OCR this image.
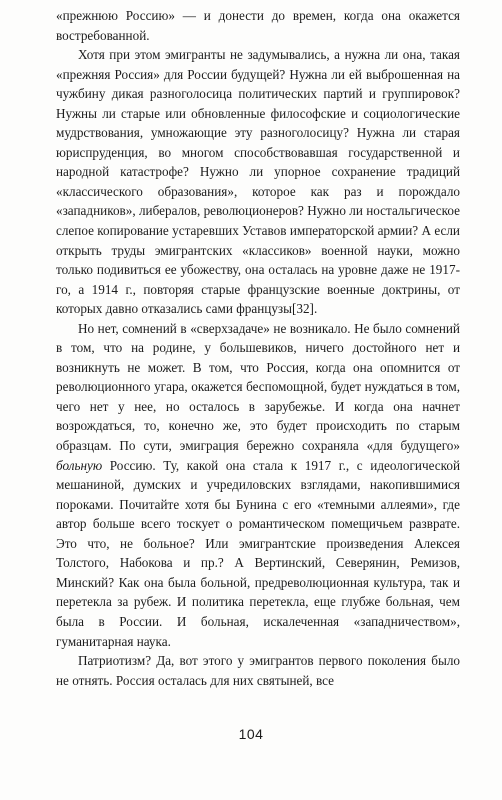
«прежнюю Россию» — и донести до времен, когда она окажется востребованной.

Хотя при этом эмигранты не задумывались, а нужна ли она, такая «прежняя Россия» для России будущей? Нужна ли ей выброшенная на чужбину дикая разноголосица политических партий и группировок? Нужны ли старые или обновленные философские и социологические мудрствования, умножающие эту разноголосицу? Нужна ли старая юриспруденция, во многом способствовавшая государственной и народной катастрофе? Нужно ли упорное сохранение традиций «классического образования», которое как раз и порождало «западников», либералов, революционеров? Нужно ли ностальгическое слепое копирование устаревших Уставов императорской армии? А если открыть труды эмигрантских «классиков» военной науки, можно только подивиться ее убожеству, она осталась на уровне даже не 1917-го, а 1914 г., повторяя старые французские военные доктрины, от которых давно отказались сами французы[32].

Но нет, сомнений в «сверхзадаче» не возникало. Не было сомнений в том, что на родине, у большевиков, ничего достойного нет и возникнуть не может. В том, что Россия, когда она опомнится от революционного угара, окажется беспомощной, будет нуждаться в том, чего нет у нее, но осталось в зарубежье. И когда она начнет возрождаться, то, конечно же, это будет происходить по старым образцам. По сути, эмиграция бережно сохраняла «для будущего» больную Россию. Ту, какой она стала к 1917 г., с идеологической мешаниной, думских и учредиловских взглядами, накопившимися пороками. Почитайте хотя бы Бунина с его «темными аллеями», где автор больше всего тоскует о романтическом помещичьем разврате. Это что, не больное? Или эмигрантские произведения Алексея Толстого, Набокова и пр.? А Вертинский, Северянин, Ремизов, Минский? Как она была больной, предреволюционная культура, так и перетекла за рубеж. И политика перетекла, еще глубже больная, чем была в России. И больная, искалеченная «западничеством», гуманитарная наука.

Патриотизм? Да, вот этого у эмигрантов первого поколения было не отнять. Россия осталась для них святыней, все

104
